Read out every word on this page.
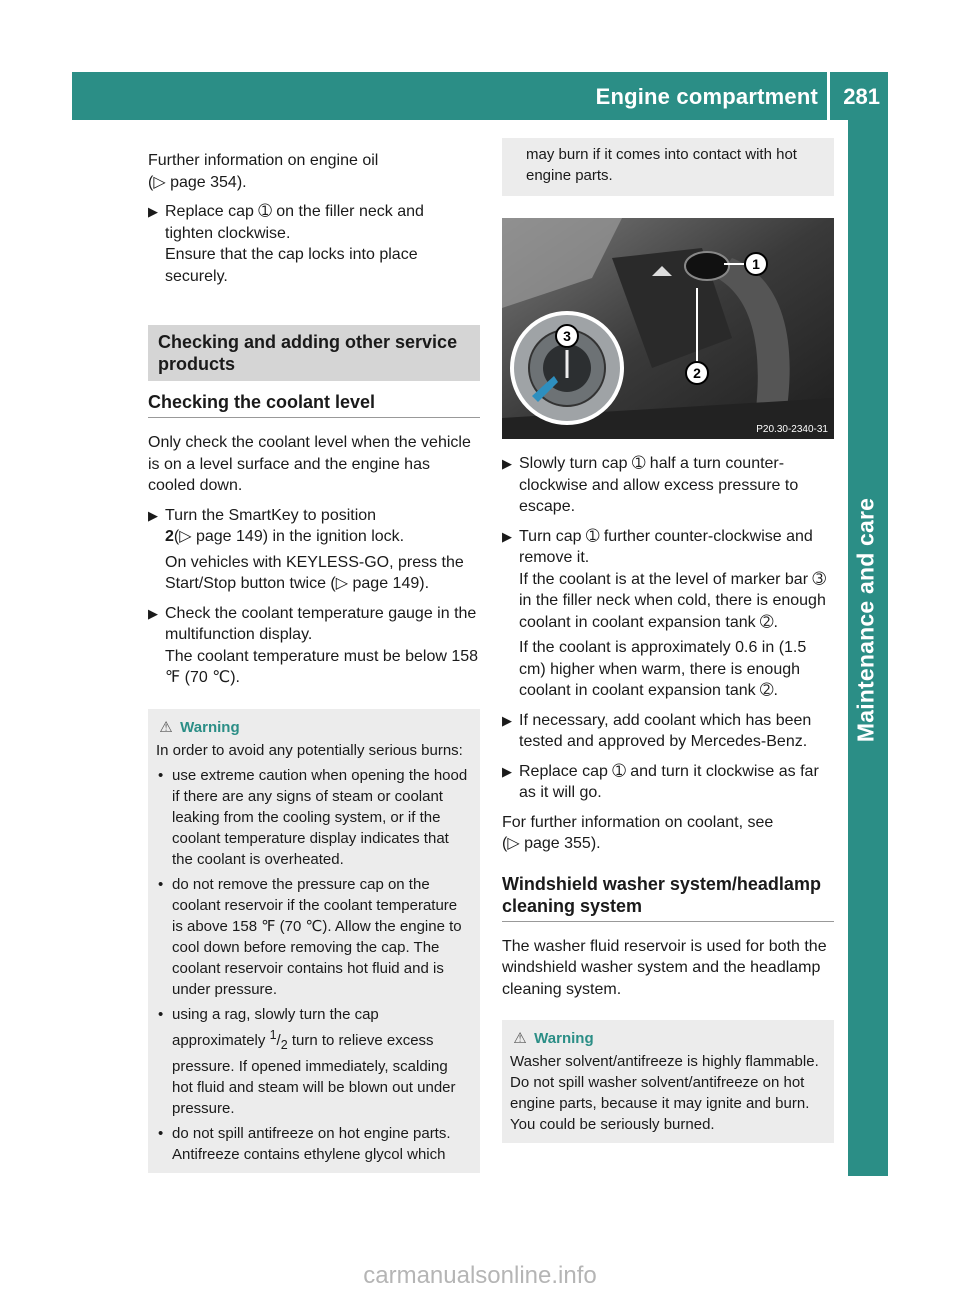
Engine compartment 281
Maintenance and care

Further information on engine oil
(▷ page 354).

▶ Replace cap ➀ on the filler neck and
tighten clockwise.
Ensure that the cap locks into place
securely.
Checking and adding other service products
Checking the coolant level

Only check the coolant level when the vehicle is on a level surface and the engine has cooled down.

▶ Turn the SmartKey to position
2(▷ page 149) in the ignition lock.
On vehicles with KEYLESS-GO, press the Start/Stop button twice (▷ page 149).
▶ Check the coolant temperature gauge in the multifunction display.
The coolant temperature must be below 158 ℉ (70 ℃).
⚠ Warning
In order to avoid any potentially serious burns:
• use extreme caution when opening the hood if there are any signs of steam or coolant leaking from the cooling system, or if the coolant temperature display indicates that the coolant is overheated.
• do not remove the pressure cap on the coolant reservoir if the coolant temperature is above 158 ℉ (70 ℃). Allow the engine to cool down before removing the cap. The coolant reservoir contains hot fluid and is under pressure.
• using a rag, slowly turn the cap approximately $^1/_2$ turn to relieve excess pressure. If opened immediately, scalding hot fluid and steam will be blown out under pressure.
• do not spill antifreeze on hot engine parts. Antifreeze contains ethylene glycol which
may burn if it comes into contact with hot engine parts.
1
2
3
P20.30-2340-31
▶ Slowly turn cap ➀ half a turn counter-clockwise and allow excess pressure to escape.
▶ Turn cap ➀ further counter-clockwise and remove it.
If the coolant is at the level of marker bar ➂ in the filler neck when cold, there is enough coolant in coolant expansion tank ➁.
If the coolant is approximately 0.6 in (1.5 cm) higher when warm, there is enough coolant in coolant expansion tank ➁.
▶ If necessary, add coolant which has been tested and approved by Mercedes-Benz.
▶ Replace cap ➀ and turn it clockwise as far as it will go.

For further information on coolant, see
(▷ page 355).

Windshield washer system/headlamp cleaning system

The washer fluid reservoir is used for both the windshield washer system and the headlamp cleaning system.

⚠ Warning
Washer solvent/antifreeze is highly flammable. Do not spill washer solvent/antifreeze on hot engine parts, because it may ignite and burn. You could be seriously burned.
carmanualsonline.info
